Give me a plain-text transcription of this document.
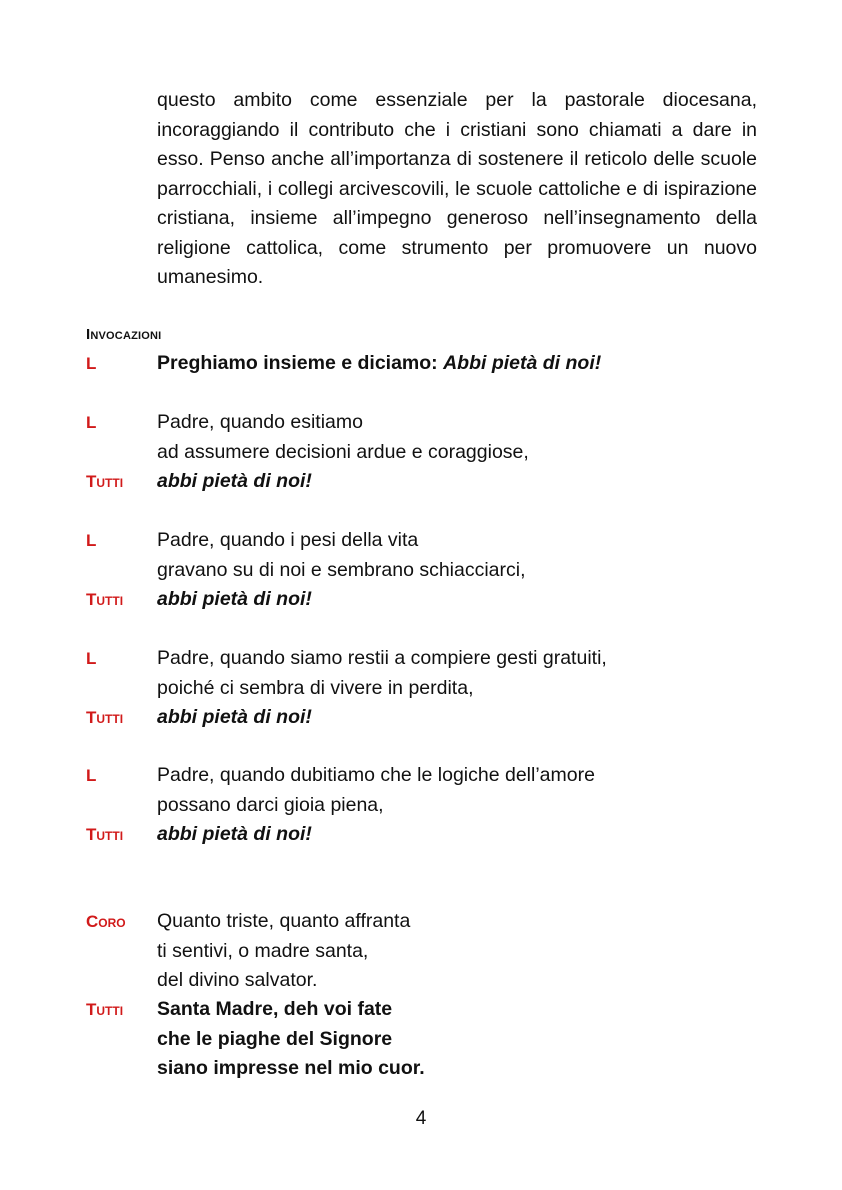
questo ambito come essenziale per la pastorale diocesana, incoraggiando il contributo che i cristiani sono chiamati a dare in esso. Penso anche all’importanza di sostenere il reticolo delle scuole parrocchiali, i collegi arcivescovili, le scuole cattoliche e di ispirazione cristiana, insieme all’impegno generoso nell’insegnamento della religione cattolica, come strumento per promuovere un nuovo umanesimo.
Invocazioni
L	Preghiamo insieme e diciamo: Abbi pietà di noi!
L	Padre, quando esitiamo
ad assumere decisioni ardue e coraggiose,
Tutti	abbi pietà di noi!
L	Padre, quando i pesi della vita
gravano su di noi e sembrano schiacciarci,
Tutti	abbi pietà di noi!
L	Padre, quando siamo restii a compiere gesti gratuiti,
poiché ci sembra di vivere in perdita,
Tutti	abbi pietà di noi!
L	Padre, quando dubitiamo che le logiche dell’amore
possano darci gioia piena,
Tutti	abbi pietà di noi!
Coro	Quanto triste, quanto affranta
ti sentivi, o madre santa,
del divino salvator.
Tutti	Santa Madre, deh voi fate
che le piaghe del Signore
siano impresse nel mio cuor.
4
